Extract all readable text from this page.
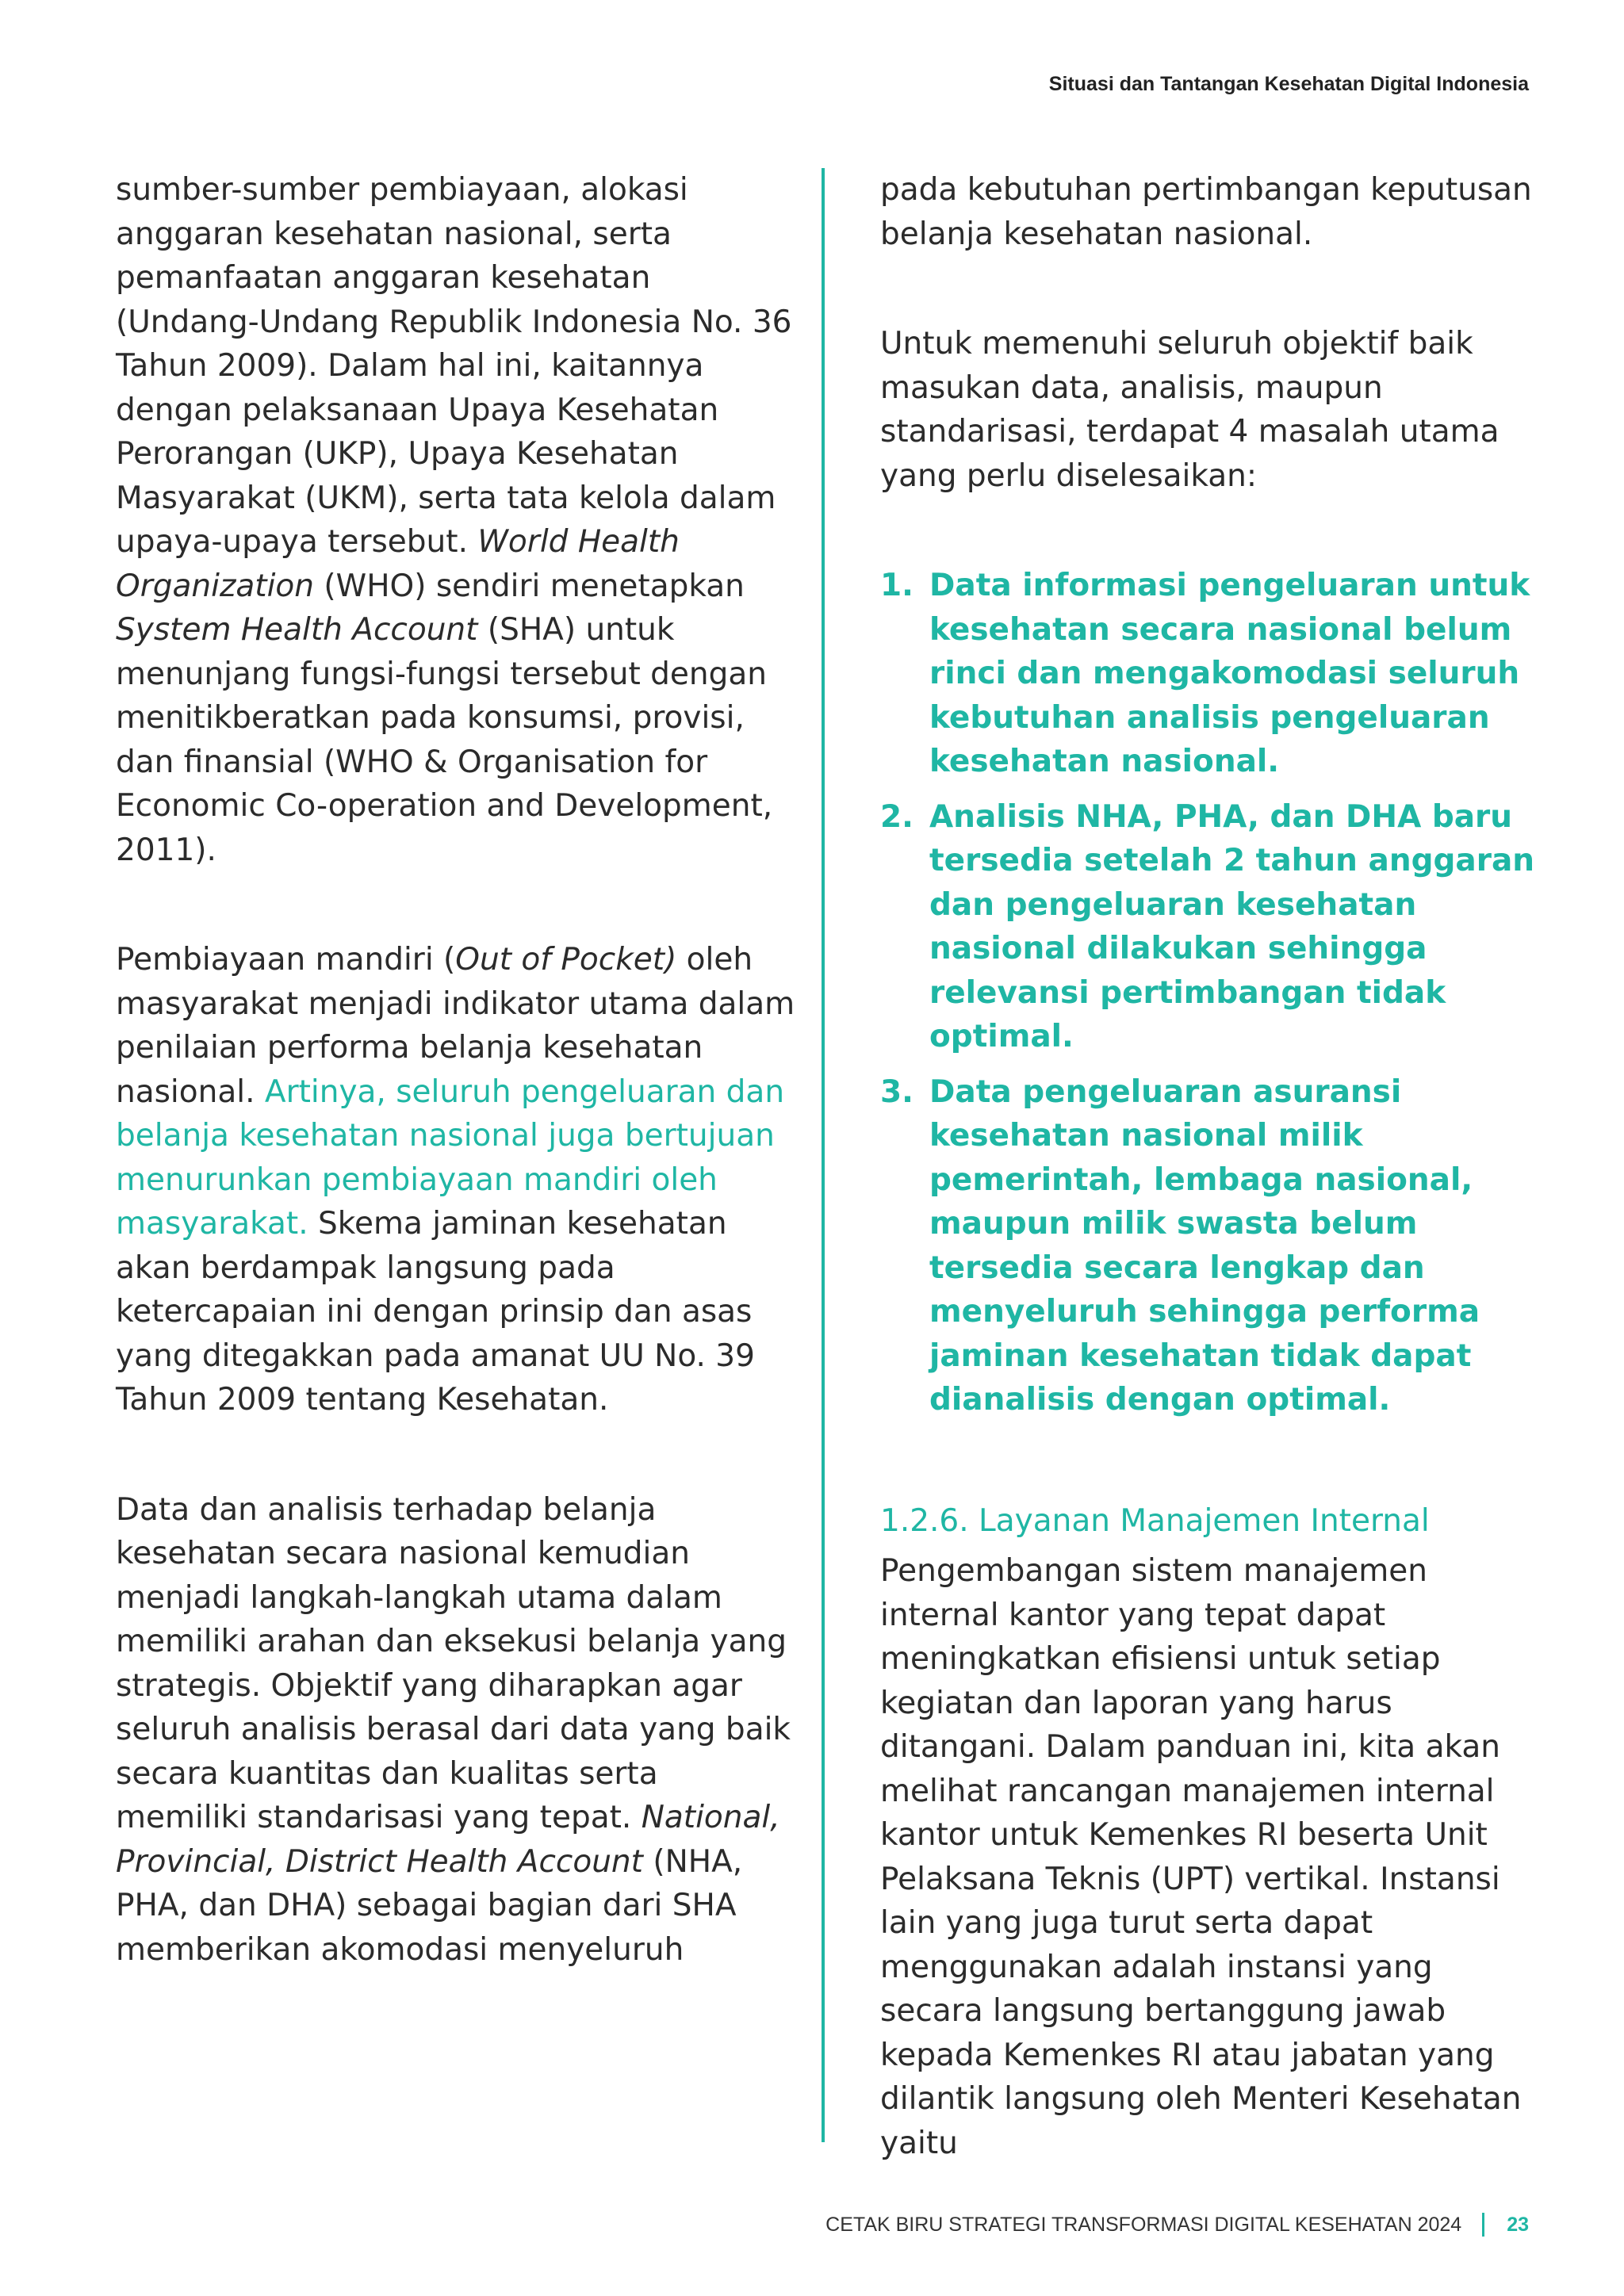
Situasi dan Tantangan Kesehatan Digital Indonesia

sumber-sumber pembiayaan, alokasi anggaran kesehatan nasional, serta pemanfaatan anggaran kesehatan (Undang-Undang Republik Indonesia No. 36 Tahun 2009). Dalam hal ini, kaitannya dengan pelaksanaan Upaya Kesehatan Perorangan (UKP), Upaya Kesehatan Masyarakat (UKM), serta tata kelola dalam upaya-upaya tersebut. World Health Organization (WHO) sendiri menetapkan System Health Account (SHA) untuk menunjang fungsi-fungsi tersebut dengan menitikberatkan pada konsumsi, provisi, dan finansial (WHO & Organisation for Economic Co-operation and Development, 2011).

Pembiayaan mandiri (Out of Pocket) oleh masyarakat menjadi indikator utama dalam penilaian performa belanja kesehatan nasional. Artinya, seluruh pengeluaran dan belanja kesehatan nasional juga bertujuan menurunkan pembiayaan mandiri oleh masyarakat. Skema jaminan kesehatan akan berdampak langsung pada ketercapaian ini dengan prinsip dan asas yang ditegakkan pada amanat UU No. 39 Tahun 2009 tentang Kesehatan.

Data dan analisis terhadap belanja kesehatan secara nasional kemudian menjadi langkah-langkah utama dalam memiliki arahan dan eksekusi belanja yang strategis. Objektif yang diharapkan agar seluruh analisis berasal dari data yang baik secara kuantitas dan kualitas serta memiliki standarisasi yang tepat. National, Provincial, District Health Account (NHA, PHA, dan DHA) sebagai bagian dari SHA memberikan akomodasi menyeluruh

pada kebutuhan pertimbangan keputusan belanja kesehatan nasional.

Untuk memenuhi seluruh objektif baik masukan data, analisis, maupun standarisasi, terdapat 4 masalah utama yang perlu diselesaikan:

1. Data informasi pengeluaran untuk kesehatan secara nasional belum rinci dan mengakomodasi seluruh kebutuhan analisis pengeluaran kesehatan nasional.
2. Analisis NHA, PHA, dan DHA baru tersedia setelah 2 tahun anggaran dan pengeluaran kesehatan nasional dilakukan sehingga relevansi pertimbangan tidak optimal.
3. Data pengeluaran asuransi kesehatan nasional milik pemerintah, lembaga nasional, maupun milik swasta belum tersedia secara lengkap dan menyeluruh sehingga performa jaminan kesehatan tidak dapat dianalisis dengan optimal.
1.2.6. Layanan Manajemen Internal

Pengembangan sistem manajemen internal kantor yang tepat dapat meningkatkan efisiensi untuk setiap kegiatan dan laporan yang harus ditangani. Dalam panduan ini, kita akan melihat rancangan manajemen internal kantor untuk Kemenkes RI beserta Unit Pelaksana Teknis (UPT) vertikal. Instansi lain yang juga turut serta dapat menggunakan adalah instansi yang secara langsung bertanggung jawab kepada Kemenkes RI atau jabatan yang dilantik langsung oleh Menteri Kesehatan yaitu

CETAK BIRU STRATEGI TRANSFORMASI DIGITAL KESEHATAN 2024 23
